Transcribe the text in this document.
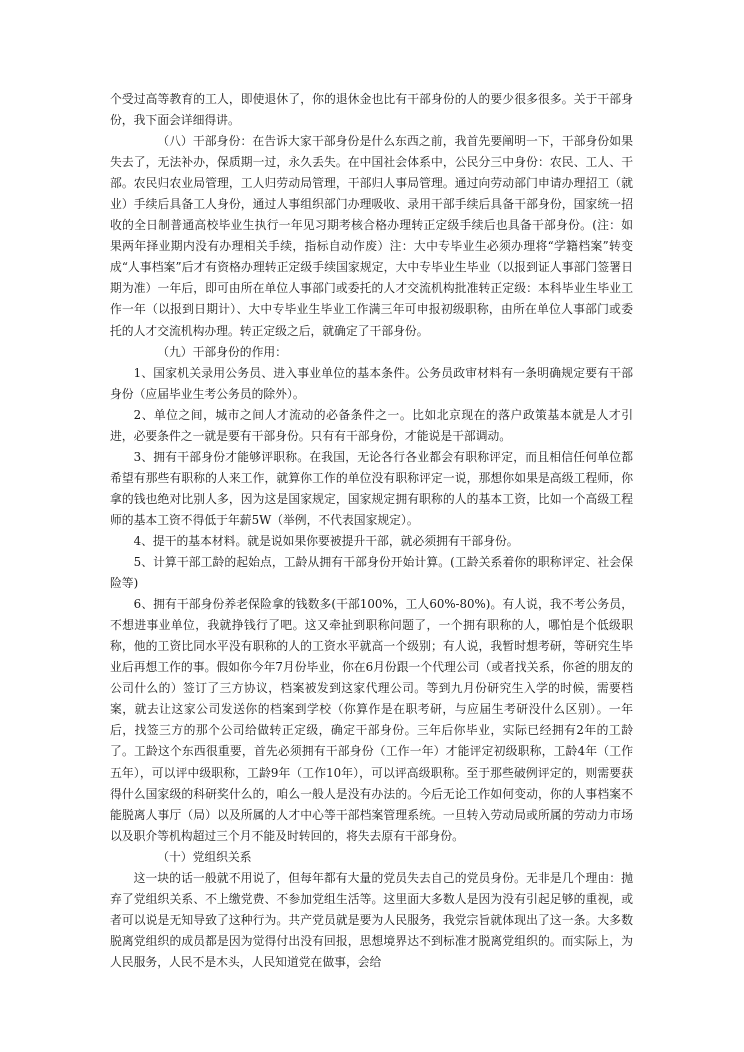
个受过高等教育的工人，即使退休了，你的退休金也比有干部身份的人的要少很多很多。关于干部身份，我下面会详细得讲。

（八）干部身份：在告诉大家干部身份是什么东西之前，我首先要阐明一下，干部身份如果失去了，无法补办，保质期一过，永久丢失。在中国社会体系中，公民分三中身份：农民、工人、干部。农民归农业局管理，工人归劳动局管理，干部归人事局管理。通过向劳动部门申请办理招工（就业）手续后具备工人身份，通过人事组织部门办理吸收、录用干部手续后具备干部身份，国家统一招收的全日制普通高校毕业生执行一年见习期考核合格办理转正定级手续后也具备干部身份。(注：如果两年择业期内没有办理相关手续，指标自动作废）注：大中专毕业生必须办理将“学籍档案”转变成“人事档案”后才有资格办理转正定级手续国家规定，大中专毕业生毕业（以报到证人事部门签署日期为准）一年后，即可由所在单位人事部门或委托的人才交流机构批准转正定级：本科毕业生毕业工作一年（以报到日期计）、大中专毕业生毕业工作满三年可申报初级职称，由所在单位人事部门或委托的人才交流机构办理。转正定级之后，就确定了干部身份。

（九）干部身份的作用：

1、国家机关录用公务员、进入事业单位的基本条件。公务员政审材料有一条明确规定要有干部身份（应届毕业生考公务员的除外）。

2、单位之间，城市之间人才流动的必备条件之一。比如北京现在的落户政策基本就是人才引进，必要条件之一就是要有干部身份。只有有干部身份，才能说是干部调动。

3、拥有干部身份才能够评职称。在我国，无论各行各业都会有职称评定，而且相信任何单位都希望有那些有职称的人来工作，就算你工作的单位没有职称评定一说，那想你如果是高级工程师，你拿的钱也绝对比别人多，因为这是国家规定，国家规定拥有职称的人的基本工资，比如一个高级工程师的基本工资不得低于年薪5W（举例，不代表国家规定）。

4、提干的基本材料。就是说如果你要被提升干部，就必须拥有干部身份。

5、计算干部工龄的起始点，工龄从拥有干部身份开始计算。(工龄关系着你的职称评定、社会保险等)

6、拥有干部身份养老保险拿的钱数多(干部100%，工人60%-80%)。有人说，我不考公务员，不想进事业单位，我就挣钱行了吧。这又牵扯到职称问题了，一个拥有职称的人，哪怕是个低级职称，他的工资比同水平没有职称的人的工资水平就高一个级别；有人说，我暂时想考研，等研究生毕业后再想工作的事。假如你今年7月份毕业，你在6月份跟一个代理公司（或者找关系，你爸的朋友的公司什么的）签订了三方协议，档案被发到这家代理公司。等到九月份研究生入学的时候，需要档案，就去让这家公司发送你的档案到学校（你算作是在职考研，与应届生考研没什么区别）。一年后，找签三方的那个公司给做转正定级，确定干部身份。三年后你毕业，实际已经拥有2年的工龄了。工龄这个东西很重要，首先必须拥有干部身份（工作一年）才能评定初级职称，工龄4年（工作五年），可以评中级职称，工龄9年（工作10年），可以评高级职称。至于那些破例评定的，则需要获得什么国家级的科研奖什么的，咱么一般人是没有办法的。今后无论工作如何变动，你的人事档案不能脱离人事厅（局）以及所属的人才中心等干部档案管理系统。一旦转入劳动局或所属的劳动力市场以及职介等机构超过三个月不能及时转回的，将失去原有干部身份。

（十）党组织关系

这一块的话一般就不用说了，但每年都有大量的党员失去自己的党员身份。无非是几个理由：抛弃了党组织关系、不上缴党费、不参加党组生活等。这里面大多数人是因为没有引起足够的重视，或者可以说是无知导致了这种行为。共产党员就是要为人民服务，我党宗旨就体现出了这一条。大多数脱离党组织的成员都是因为觉得付出没有回报，思想境界达不到标准才脱离党组织的。而实际上，为人民服务，人民不是木头，人民知道党在做事，会给
